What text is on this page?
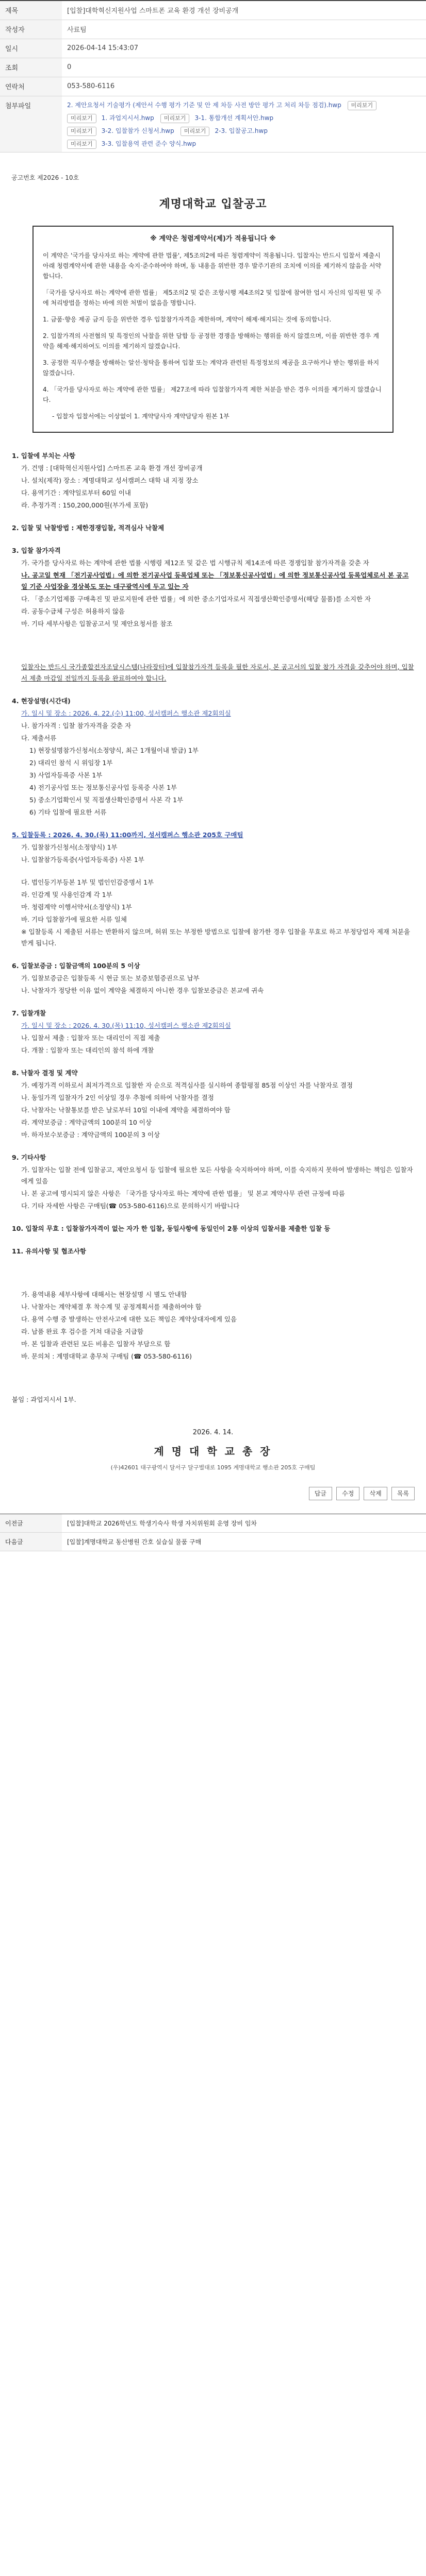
제목	[입찰]대학혁신지원사업 스마트폰 교육 환경 개선 장비공개
작성자	사료팀
일시	2026-04-14 15:43:07
조회	0
연락처	053-580-6116
첨부파일	2. 제안요청서 기술평가 (제안서 수행 평가 기준 및 안 제 차등 사전 방안 평가 고 처리 차등 점검).hwp 미리보기
미리보기 1. 과업지시서.hwp 미리보기 3-1. 통합개선 계획서안.hwp
미리보기 3-2. 입찰참가 신청서.hwp 미리보기 2-3. 입찰공고.hwp
미리보기 3-3. 입찰용역 관련 준수 양식.hwp
공고번호 제2026 - 10호
계명대학교 입찰공고
※ 계약은 청렴계약서(제)가 적용됩니다 ※

이 계약은 '국가를 당사자로 하는 계약에 관한 법률', 제5조의2에 따른 청렴계약이 적용됩니다. 입찰자는 반드시 입찰서 제출시 아래 청렴계약서에 관한 내용을 숙지·준수하여야 하며, 동 내용을 위반한 경우 발주기관의 조치에 이의를 제기하지 않음을 서약합니다.

「국가를 당사자로 하는 계약에 관한 법률」 제5조의2 및 같은 조항시행 제4조의2 및 입찰에 참여한 업시 자신의 임직원 및 주에 처리방법을 정하는 바에 의한 처벌이 없음을 명합니다.

1. 금품·향응 제공 금지 등을 위반한 경우 입찰참가자격을 제한하며, 계약이 해제·해지되는 것에 동의합니다.

2. 입찰가격의 사전협의 및 특정인의 낙찰을 위한 담합 등 공정한 경쟁을 방해하는 행위를 하지 않겠으며, 이를 위반한 경우 계약을 해제·해지하여도 이의를 제기하지 않겠습니다.

3. 공정한 직무수행을 방해하는 알선·청탁을 통하여 입찰 또는 계약과 관련된 특정정보의 제공을 요구하거나 받는 행위를 하지 않겠습니다.

4. 「국가를 당사자로 하는 계약에 관한 법률」 제27조에 따라 입찰참가자격 제한 처분을 받은 경우 이의를 제기하지 않겠습니다.

- 입찰자 입찰서에는 이상없이 1. 계약당사자 계약담당자 원본 1부

1. 입찰에 부치는 사항
가. 건명 : [대학혁신지원사업] 스마트폰 교육 환경 개선 장비공개
나. 설치(제작) 장소 : 계명대학교 성서캠퍼스 대학 내 지정 장소
다. 용역기간 : 계약일로부터 60일 이내
라. 추정가격 : 150,200,000원(부가세 포함)
2. 입찰 및 낙찰방법 : 제한경쟁입찰, 적격심사 낙찰제
3. 입찰 참가자격
가. 국가를 당사자로 하는 계약에 관한 법률 시행령 제12조 및 같은 법 시행규칙 제14조에 따른 경쟁입찰 참가자격을 갖춘 자
나. 공고일 현재 「전기공사업법」에 의한 전기공사업 등록업체 또는 「정보통신공사업법」에 의한 정보통신공사업 등록업체로서 본 공고일 기준 사업장을 경상북도 또는 대구광역시에 두고 있는 자
다. 「중소기업제품 구매촉진 및 판로지원에 관한 법률」에 의한 중소기업자로서 직접생산확인증명서(해당 물품)를 소지한 자
라. 공동수급체 구성은 허용하지 않음
마. 기타 세부사항은 입찰공고서 및 제안요청서를 참조
입찰자는 반드시 국가종합전자조달시스템(나라장터)에 입찰참가자격 등록을 필한 자로서, 본 공고서의 입찰 참가 자격을 갖추어야 하며, 입찰서 제출 마감일 전일까지 등록을 완료하여야 합니다.
4. 현장설명(시간대)
가. 일시 및 장소 : 2026. 4. 22.(수) 11:00, 성서캠퍼스 행소관 제2회의실
나. 참가자격 : 입찰 참가자격을 갖춘 자
다. 제출서류
1) 현장설명참가신청서(소정양식, 최근 1개월이내 발급) 1부
2) 대리인 참석 시 위임장 1부
3) 사업자등록증 사본 1부
4) 전기공사업 또는 정보통신공사업 등록증 사본 1부
5) 중소기업확인서 및 직접생산확인증명서 사본 각 1부
6) 기타 입찰에 필요한 서류
5. 입찰등록 : 2026. 4. 30.(목) 11:00까지, 성서캠퍼스 행소관 205호 구매팀
가. 입찰참가신청서(소정양식) 1부
나. 입찰참가등록증(사업자등록증) 사본 1부
다. 법인등기부등본 1부 및 법인인감증명서 1부
라. 인감계 및 사용인감계 각 1부
마. 청렴계약 이행서약서(소정양식) 1부
바. 기타 입찰참가에 필요한 서류 일체
※ 입찰등록 시 제출된 서류는 반환하지 않으며, 허위 또는 부정한 방법으로 입찰에 참가한 경우 입찰을 무효로 하고 부정당업자 제재 처분을 받게 됩니다.
6. 입찰보증금 : 입찰금액의 100분의 5 이상
가. 입찰보증금은 입찰등록 시 현금 또는 보증보험증권으로 납부
나. 낙찰자가 정당한 이유 없이 계약을 체결하지 아니한 경우 입찰보증금은 본교에 귀속
7. 입찰개찰
가. 일시 및 장소 : 2026. 4. 30.(목) 11:10, 성서캠퍼스 행소관 제2회의실
나. 입찰서 제출 : 입찰자 또는 대리인이 직접 제출
다. 개찰 : 입찰자 또는 대리인의 참석 하에 개찰
8. 낙찰자 결정 및 계약
가. 예정가격 이하로서 최저가격으로 입찰한 자 순으로 적격심사를 실시하여 종합평점 85점 이상인 자를 낙찰자로 결정
나. 동일가격 입찰자가 2인 이상일 경우 추첨에 의하여 낙찰자를 결정
다. 낙찰자는 낙찰통보를 받은 날로부터 10일 이내에 계약을 체결하여야 함
라. 계약보증금 : 계약금액의 100분의 10 이상
마. 하자보수보증금 : 계약금액의 100분의 3 이상
9. 기타사항
가. 입찰자는 입찰 전에 입찰공고, 제안요청서 등 입찰에 필요한 모든 사항을 숙지하여야 하며, 이를 숙지하지 못하여 발생하는 책임은 입찰자에게 있음
나. 본 공고에 명시되지 않은 사항은 「국가를 당사자로 하는 계약에 관한 법률」 및 본교 계약사무 관련 규정에 따름
다. 기타 자세한 사항은 구매팀(☎ 053-580-6116)으로 문의하시기 바랍니다
10. 입찰의 무효 : 입찰참가자격이 없는 자가 한 입찰, 동일사항에 동일인이 2통 이상의 입찰서를 제출한 입찰 등
11. 유의사항 및 협조사항
가. 용역내용 세부사항에 대해서는 현장설명 시 별도 안내함
나. 낙찰자는 계약체결 후 착수계 및 공정계획서를 제출하여야 함
다. 용역 수행 중 발생하는 안전사고에 대한 모든 책임은 계약상대자에게 있음
라. 납품 완료 후 검수를 거쳐 대금을 지급함
마. 본 입찰과 관련된 모든 비용은 입찰자 부담으로 함
바. 문의처 : 계명대학교 총무처 구매팀 (☎ 053-580-6116)
붙임 : 과업지시서 1부.
2026. 4. 14.
계 명 대 학 교 총 장
(우)42601 대구광역시 달서구 달구벌대로 1095 계명대학교 행소관 205호 구매팀
답글	수정	삭제	목록
이전글	[입찰]대학교 2026학년도 학생기숙사 학생 자치위원회 운영 장비 임차
다음글	[입찰]계명대학교 동산병원 간호 실습실 물품 구매
